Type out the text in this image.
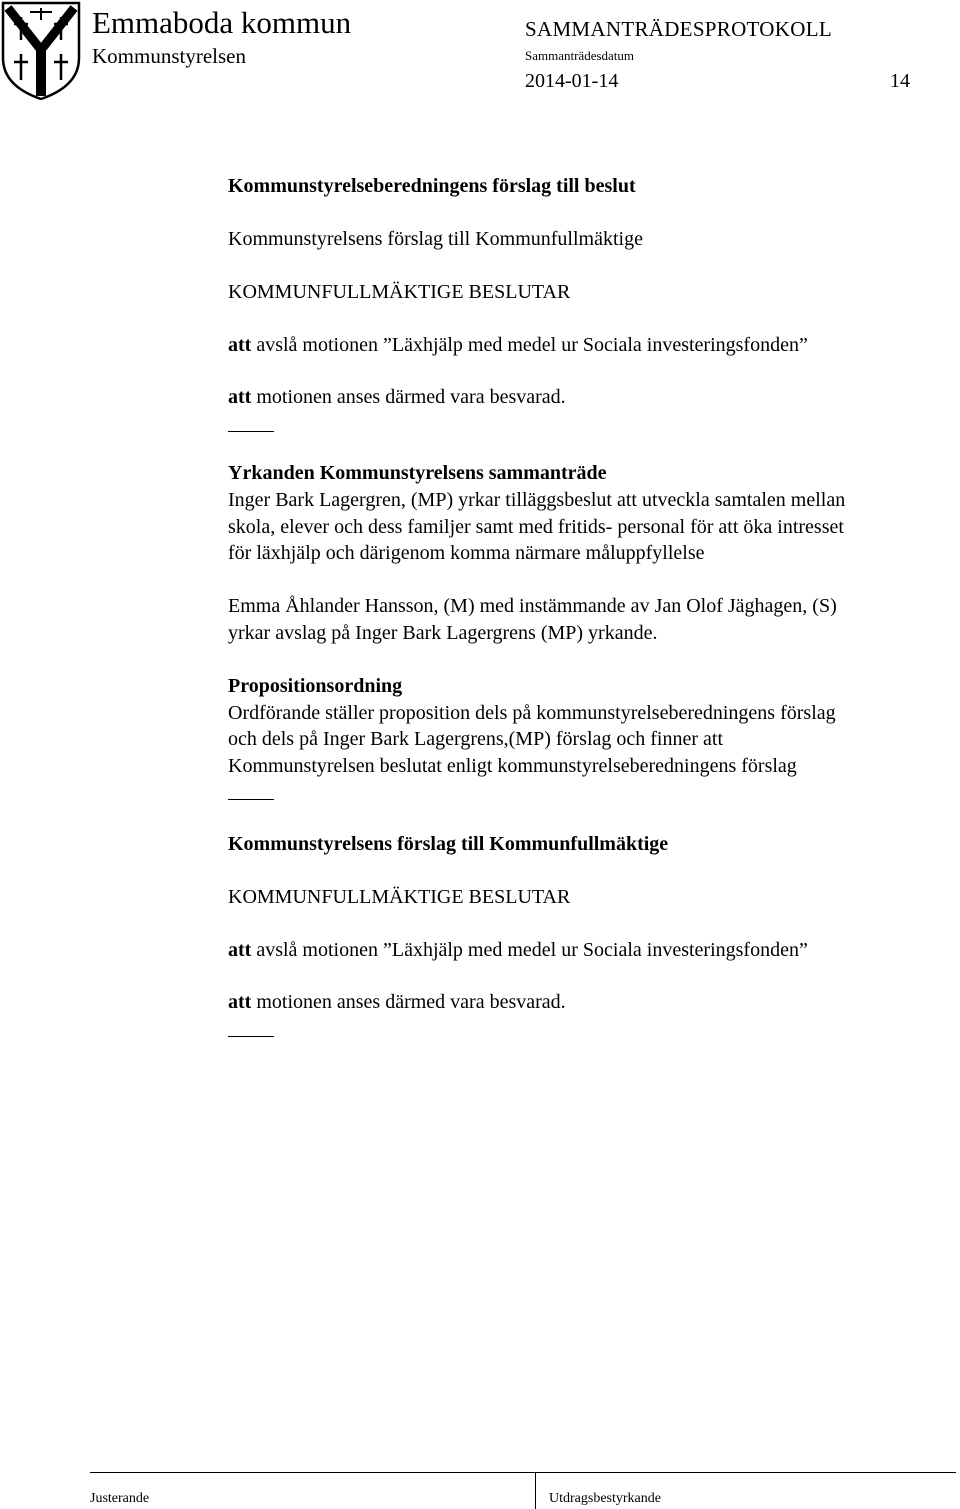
Emmaboda kommun
Kommunstyrelsen
SAMMANTRÄDESPROTOKOLL
Sammanträdesdatum
2014-01-14	14
Kommunstyrelseberedningens förslag till beslut
Kommunstyrelsens förslag till Kommunfullmäktige
KOMMUNFULLMÄKTIGE BESLUTAR
att avslå motionen ”Läxhjälp med medel ur Sociala investeringsfonden”
att motionen anses därmed vara besvarad.
Yrkanden Kommunstyrelsens sammanträde
Inger Bark Lagergren, (MP) yrkar tilläggsbeslut att utveckla samtalen mellan
skola, elever och dess familjer samt med fritids- personal för att öka intresset
för läxhjälp och därigenom komma närmare måluppfyllelse
Emma Åhlander Hansson, (M) med instämmande av Jan Olof Jäghagen, (S)
yrkar avslag på Inger Bark Lagergrens (MP) yrkande.
Propositionsordning
Ordförande ställer proposition dels på kommunstyrelseberedningens förslag
och dels på Inger Bark Lagergrens,(MP) förslag och finner att
Kommunstyrelsen beslutat enligt kommunstyrelseberedningens förslag
Kommunstyrelsens förslag till Kommunfullmäktige
KOMMUNFULLMÄKTIGE BESLUTAR
att avslå motionen ”Läxhjälp med medel ur Sociala investeringsfonden”
att motionen anses därmed vara besvarad.
Justerande	Utdragsbestyrkande
